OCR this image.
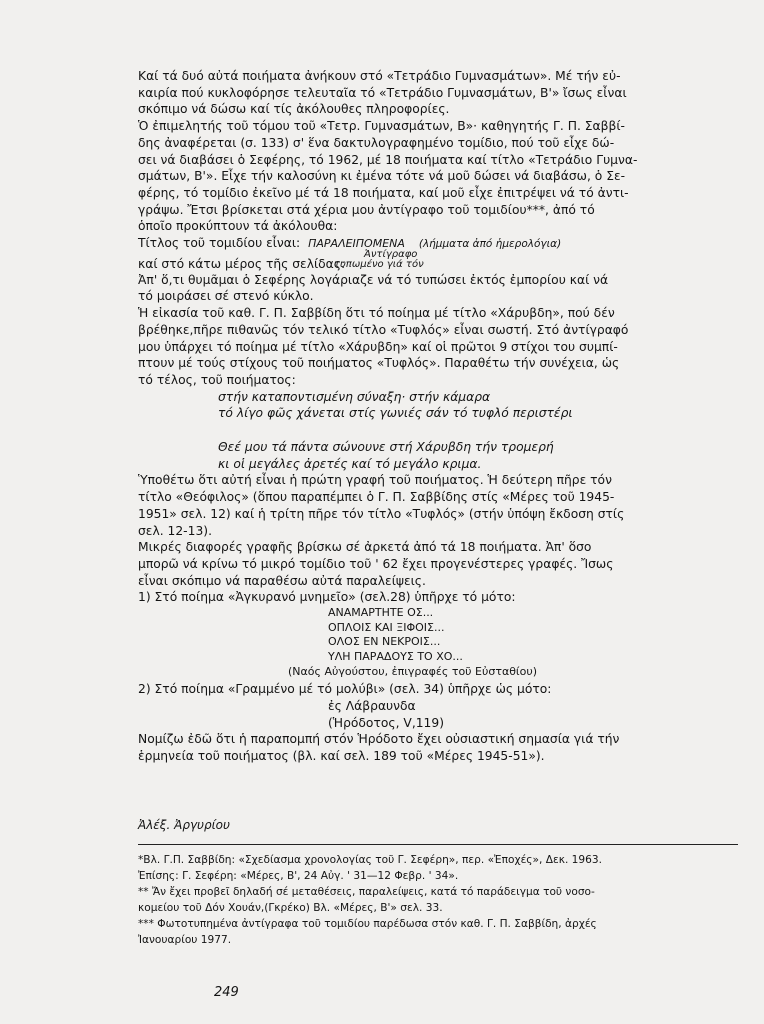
Καί τά δυό αὐτά ποιήματα ἀνήκουν στό «Τετράδιο Γυμνασμάτων». Μέ τήν εὐ-

καιρία πού κυκλοφόρησε τελευταῖα τό «Τετράδιο Γυμνασμάτων, Β'» ἴσως εἶναι

σκόπιμο νά δώσω καί τίς ἀκόλουθες πληροφορίες.

Ὁ ἐπιμελητής τοῦ τόμου τοῦ «Τετρ. Γυμνασμάτων, Β»· καθηγητής Γ. Π. Σαββί-

δης ἀναφέρεται (σ. 133) σ' ἕνα δακτυλογραφημένο τομίδιο, πού τοῦ εἶχε δώ-

σει νά διαβάσει ὁ Σεφέρης, τό 1962, μέ 18 ποιήματα καί τίτλο «Τετράδιο Γυμνα-

σμάτων, Β'». Εἶχε τήν καλοσύνη κι ἐμένα τότε νά μοῦ δώσει νά διαβάσω, ὁ Σε-

φέρης, τό τομίδιο ἐκεῖνο μέ τά 18 ποιήματα, καί μοῦ εἶχε ἐπιτρέψει νά τό ἀντι-

γράψω. Ἔτσι βρίσκεται στά χέρια μου ἀντίγραφο τοῦ τομιδίου***, ἀπό τό

ὁποῖο προκύπτουν τά ἀκόλουθα:

Τίτλος τοῦ τομιδίου εἶναι: ΠΑΡΑΛΕΙΠΟΜΕΝΑ (λήμματα ἀπό ἡμερολόγια)

καί στό κάτω μέρος τῆς σελίδας:
Ἀντίγραφο
τυπωμένο γιά τόν

Ἀπ' ὅ,τι θυμᾶμαι ὁ Σεφέρης λογάριαζε νά τό τυπώσει ἐκτός ἐμπορίου καί νά

τό μοιράσει σέ στενό κύκλο.

Ἡ εἰκασία τοῦ καθ. Γ. Π. Σαββίδη ὅτι τό ποίημα μέ τίτλο «Χάρυβδη», πού δέν

βρέθηκε,πῆρε πιθανῶς τόν τελικό τίτλο «Τυφλός» εἶναι σωστή. Στό ἀντίγραφό

μου ὑπάρχει τό ποίημα μέ τίτλο «Χάρυβδη» καί οἱ πρῶτοι 9 στίχοι του συμπί-

πτουν μέ τούς στίχους τοῦ ποιήματος «Τυφλός». Παραθέτω τήν συνέχεια, ὡς

τό τέλος, τοῦ ποιήματος:

στήν καταποντισμένη σύναξη· στήν κάμαρα

τό λίγο φῶς χάνεται στίς γωνιές σάν τό τυφλό περιστέρι

Θεέ μου τά πάντα σώνουνε στή Χάρυβδη τήν τρομερή

κι οἱ μεγάλες ἀρετές καί τό μεγάλο κριμα.

Ὑποθέτω ὅτι αὐτή εἶναι ἡ πρώτη γραφή τοῦ ποιήματος. Ἡ δεύτερη πῆρε τόν

τίτλο «Θεόφιλος» (ὅπου παραπέμπει ὁ Γ. Π. Σαββίδης στίς «Μέρες τοῦ 1945-

1951» σελ. 12) καί ἡ τρίτη πῆρε τόν τίτλο «Τυφλός» (στήν ὑπόψη ἔκδοση στίς

σελ. 12-13).

Μικρές διαφορές γραφῆς βρίσκω σέ ἀρκετά ἀπό τά 18 ποιήματα. Ἀπ' ὅσο

μπορῶ νά κρίνω τό μικρό τομίδιο τοῦ ' 62 ἔχει προγενέστερες γραφές. Ἴσως

εἶναι σκόπιμο νά παραθέσω αὐτά παραλείψεις.

1) Στό ποίημα «Ἀγκυρανό μνημεῖο» (σελ.28) ὑπῆρχε τό μότο:

ΑΝΑΜΑΡΤΗΤΕ ΟΣ...

ΟΠΛΟΙΣ ΚΑΙ ΞΙΦΟΙΣ...

ΟΛΟΣ ΕΝ ΝΕΚΡΟΙΣ...

ΥΛΗ ΠΑΡΑΔΟΥΣ ΤΟ ΧΟ...

(Ναός Αὐγούστου, ἐπιγραφές τοῦ Εὐσταθίου)

2) Στό ποίημα «Γραμμένο μέ τό μολύβι» (σελ. 34) ὑπῆρχε ὡς μότο:

ἐς Λάβραυνδα

(Ἡρόδοτος, V,119)

Νομίζω ἐδῶ ὅτι ἡ παραπομπή στόν Ἡρόδοτο ἔχει οὐσιαστική σημασία γιά τήν

ἑρμηνεία τοῦ ποιήματος (βλ. καί σελ. 189 τοῦ «Μέρες 1945-51»).

Ἀλέξ. Ἀργυρίου

*Βλ. Γ.Π. Σαββίδη: «Σχεδίασμα χρονολογίας τοῦ Γ. Σεφέρη», περ. «Ἐποχές», Δεκ. 1963.

Ἐπίσης: Γ. Σεφέρη: «Μέρες, Β', 24 Αὐγ. ' 31—12 Φεβρ. ' 34».

** Ἄν ἔχει προβεῖ δηλαδή σέ μεταθέσεις, παραλείψεις, κατά τό παράδειγμα τοῦ νοσο-

κομείου τοῦ Δόν Χουάν,(Γκρέκο) Βλ. «Μέρες, Β'» σελ. 33.

*** Φωτοτυπημένα ἀντίγραφα τοῦ τομιδίου παρέδωσα στόν καθ. Γ. Π. Σαββίδη, ἀρχές

Ἰανουαρίου 1977.

249
